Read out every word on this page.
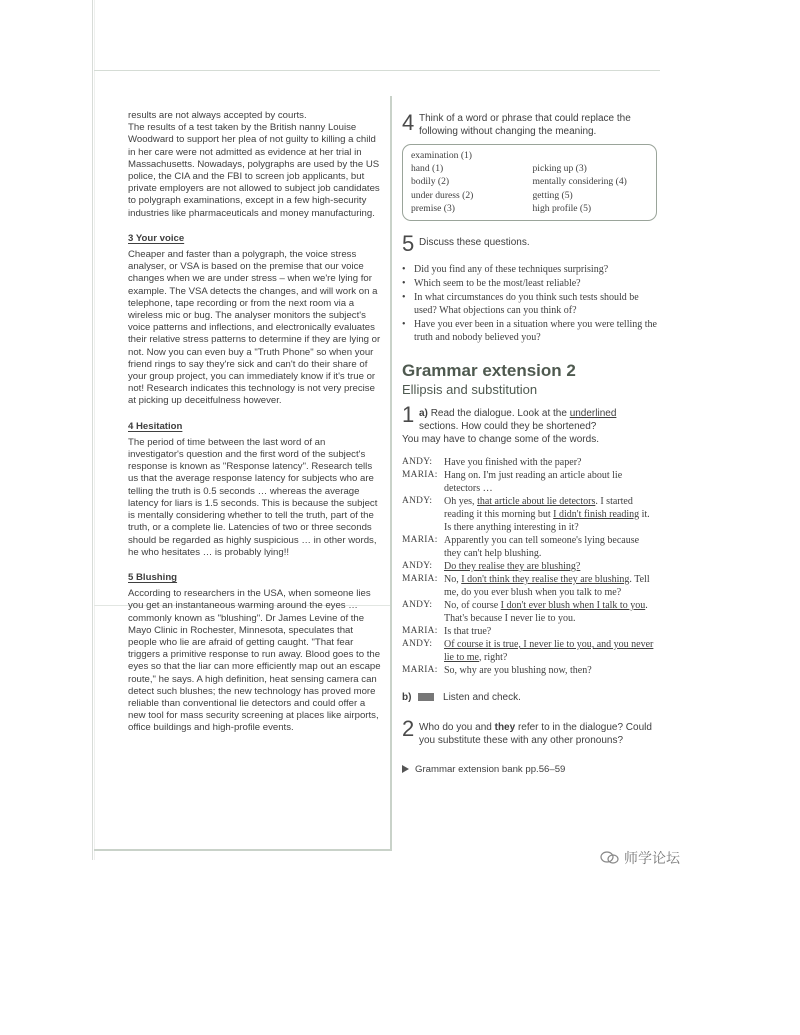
results are not always accepted by courts.

The results of a test taken by the British nanny Louise Woodward to support her plea of not guilty to killing a child in her care were not admitted as evidence at her trial in Massachusetts. Nowadays, polygraphs are used by the US police, the CIA and the FBI to screen job applicants, but private employers are not allowed to subject job candidates to polygraph examinations, except in a few high-security industries like pharmaceuticals and money manufacturing.

3 Your voice

Cheaper and faster than a polygraph, the voice stress analyser, or VSA is based on the premise that our voice changes when we are under stress – when we're lying for example. The VSA detects the changes, and will work on a telephone, tape recording or from the next room via a wireless mic or bug. The analyser monitors the subject's voice patterns and inflections, and electronically evaluates their relative stress patterns to determine if they are lying or not. Now you can even buy a "Truth Phone" so when your friend rings to say they're sick and can't do their share of your group project, you can immediately know if it's true or not! Research indicates this technology is not very precise at picking up deceitfulness however.

4 Hesitation

The period of time between the last word of an investigator's question and the first word of the subject's response is known as "Response latency". Research tells us that the average response latency for subjects who are telling the truth is 0.5 seconds … whereas the average latency for liars is 1.5 seconds. This is because the subject is mentally considering whether to tell the truth, part of the truth, or a complete lie. Latencies of two or three seconds should be regarded as highly suspicious … in other words, he who hesitates … is probably lying!!

5 Blushing

According to researchers in the USA, when someone lies you get an instantaneous warming around the eyes … commonly known as "blushing". Dr James Levine of the Mayo Clinic in Rochester, Minnesota, speculates that people who lie are afraid of getting caught. "That fear triggers a primitive response to run away. Blood goes to the eyes so that the liar can more efficiently map out an escape route," he says. A high definition, heat sensing camera can detect such blushes; the new technology has proved more reliable than conventional lie detectors and could offer a new tool for mass security screening at places like airports, office buildings and high-profile events.

4 Think of a word or phrase that could replace the following without changing the meaning.
examination (1)
hand (1)	picking up (3)
bodily (2)	mentally considering (4)
under duress (2)	getting (5)
premise (3)	high profile (5)
5 Discuss these questions.
• Did you find any of these techniques surprising?
• Which seem to be the most/least reliable?
• In what circumstances do you think such tests should be used? What objections can you think of?
• Have you ever been in a situation where you were telling the truth and nobody believed you?
Grammar extension 2
Ellipsis and substitution
1 a) Read the dialogue. Look at the underlined sections. How could they be shortened?
You may have to change some of the words.
ANDY:	Have you finished with the paper?
MARIA: Hang on. I'm just reading an article about lie detectors …
ANDY:	Oh yes, that article about lie detectors. I started reading it this morning but I didn't finish reading it. Is there anything interesting in it?
MARIA: Apparently you can tell someone's lying because they can't help blushing.
ANDY:	Do they realise they are blushing?
MARIA: No, I don't think they realise they are blushing. Tell me, do you ever blush when you talk to me?
ANDY:	No, of course I don't ever blush when I talk to you. That's because I never lie to you.
MARIA: Is that true?
ANDY:	Of course it is true, I never lie to you, and you never lie to me, right?
MARIA: So, why are you blushing now, then?
b)	Listen and check.
2 Who do you and they refer to in the dialogue? Could you substitute these with any other pronouns?
Grammar extension bank pp.56–59
师学论坛
